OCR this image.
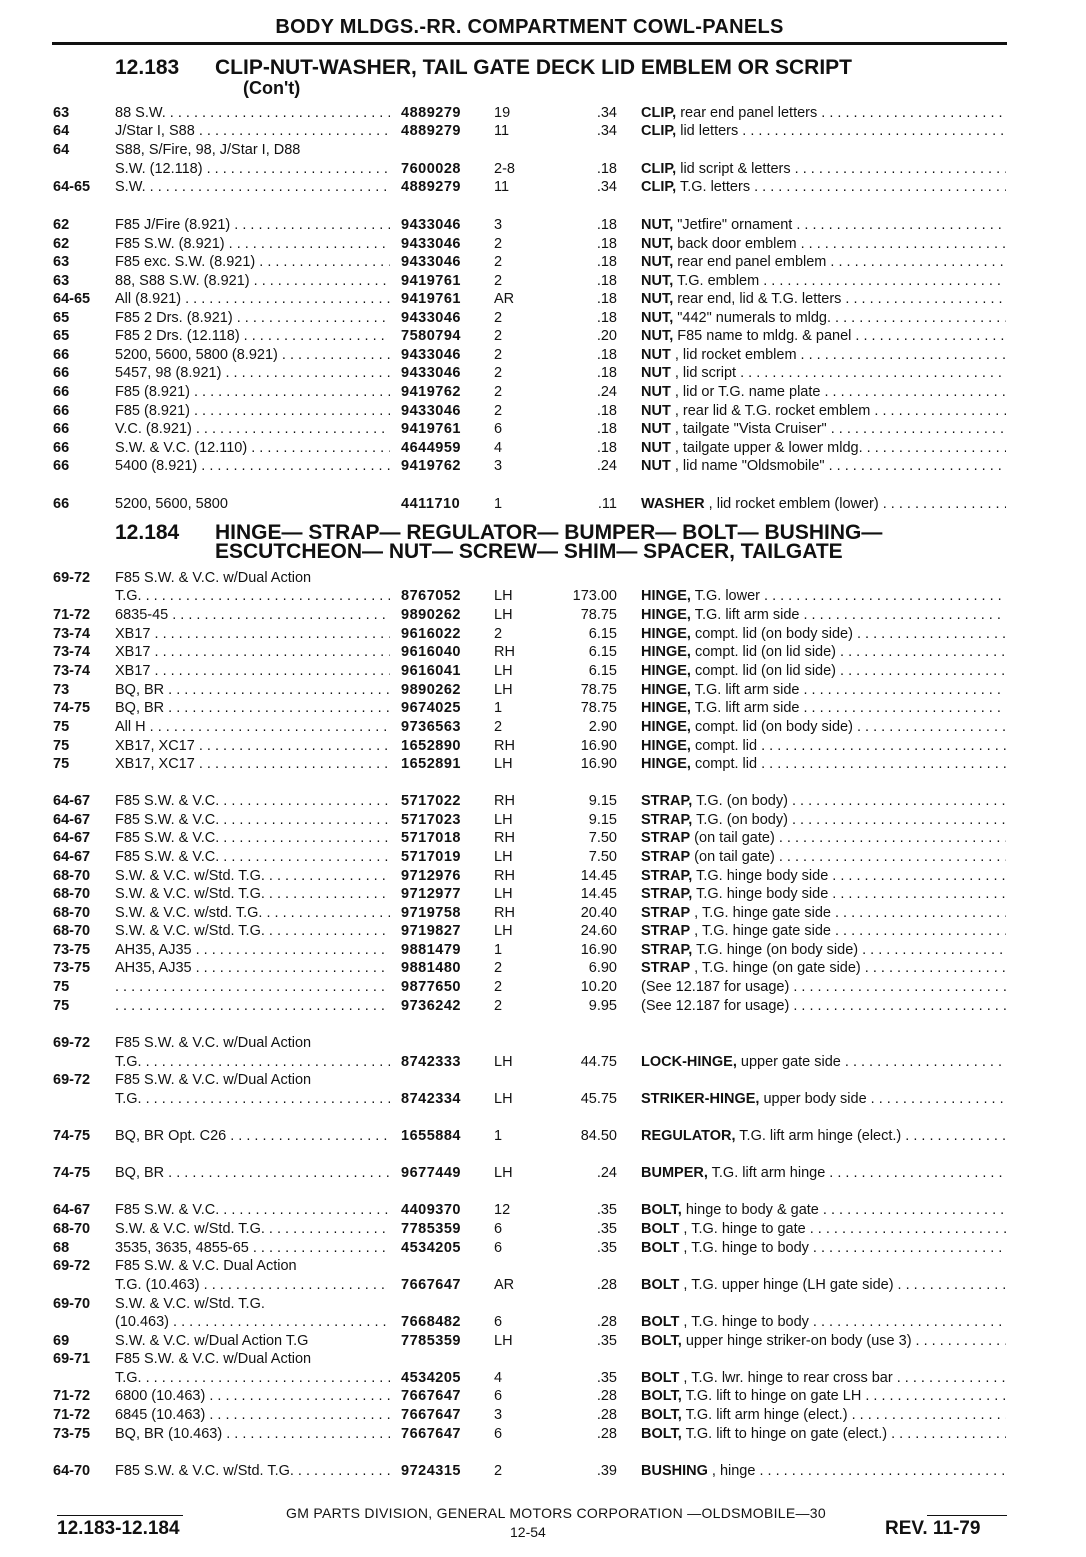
BODY MLDGS.-RR. COMPARTMENT COWL-PANELS
12.183 CLIP-NUT-WASHER, TAIL GATE DECK LID EMBLEM OR SCRIPT
(Con't)
12.184 HINGE— STRAP— REGULATOR— BUMPER— BOLT— BUSHING—
ESCUTCHEON— NUT— SCREW— SHIM— SPACER, TAILGATE
63	88 S.W. . . .	4889279 19	.34 CLIP, rear end panel letters . . .
64	J/Star I, S88 . . .	4889279 11	.34 CLIP, lid letters . . .
64	S88, S/Fire, 98, J/Star I, D88
S.W. (12.118) . . .	7600028 2-8	.18 CLIP, lid script & letters . . .
64-65 S.W. . . .	4889279 11	.34 CLIP, T.G. letters . . .
62	F85 J/Fire (8.921) . . .	9433046 3	.18 NUT, "Jetfire" ornament . . .
62	F85 S.W. (8.921) . . .	9433046 2	.18 NUT, back door emblem . . .
63	F85 exc. S.W. (8.921) . . .	9433046 2	.18 NUT, rear end panel emblem . . .
63	88, S88 S.W. (8.921) . . .	9419761 2	.18 NUT, T.G. emblem . . .
64-65 All (8.921) . . .	9419761 AR	.18 NUT, rear end, lid & T.G. letters . . .
65	F85 2 Drs. (8.921) . . .	9433046 2	.18 NUT, "442" numerals to mldg. . . .
65	F85 2 Drs. (12.118) . . .	7580794 2	.20 NUT, F85 name to mldg. & panel . . .
66	5200, 5600, 5800 (8.921) . . .	9433046 2	.18 NUT , lid rocket emblem . . .
66	5457, 98 (8.921) . . .	9433046 2	.18 NUT , lid script . . .
66	F85 (8.921) . . .	9419762 2	.24 NUT , lid or T.G. name plate . . .
66	F85 (8.921) . . .	9433046 2	.18 NUT , rear lid & T.G. rocket emblem . . .
66	V.C. (8.921) . . .	9419761 6	.18 NUT , tailgate "Vista Cruiser" . . .
66	S.W. & V.C. (12.110) . . .	4644959 4	.18 NUT , tailgate upper & lower mldg. . . .
66	5400 (8.921) . . .	9419762 3	.24 NUT , lid name "Oldsmobile" . . .
66	5200, 5600, 5800	4411710 1	.11 WASHER , lid rocket emblem (lower) . . .
69-72 F85 S.W. & V.C. w/Dual Action
T.G. . . .	8767052 LH	173.00 HINGE, T.G. lower . . .
71-72 6835-45 . . .	9890262 LH	78.75 HINGE, T.G. lift arm side . . .
73-74 XB17 . . .	9616022 2	6.15 HINGE, compt. lid (on body side) . . .
73-74 XB17 . . .	9616040 RH	6.15 HINGE, compt. lid (on lid side) . . .
73-74 XB17 . . .	9616041 LH	6.15 HINGE, compt. lid (on lid side) . . .
73	BQ, BR . . .	9890262 LH	78.75 HINGE, T.G. lift arm side . . .
74-75 BQ, BR . . .	9674025 1	78.75 HINGE, T.G. lift arm side . . .
75	All H . . .	9736563 2	2.90 HINGE, compt. lid (on body side) . . .
75	XB17, XC17 . . .	1652890 RH	16.90 HINGE, compt. lid . . .
75	XB17, XC17 . . .	1652891 LH	16.90 HINGE, compt. lid . . .
64-67 F85 S.W. & V.C. . . .	5717022 RH	9.15 STRAP, T.G. (on body) . . .
64-67 F85 S.W. & V.C. . . .	5717023 LH	9.15 STRAP, T.G. (on body) . . .
64-67 F85 S.W. & V.C. . . .	5717018 RH	7.50 STRAP (on tail gate) . . .
64-67 F85 S.W. & V.C. . . .	5717019 LH	7.50 STRAP (on tail gate) . . .
68-70 S.W. & V.C. w/Std. T.G. . . .	9712976 RH	14.45 STRAP, T.G. hinge body side . . .
68-70 S.W. & V.C. w/Std. T.G. . . .	9712977 LH	14.45 STRAP, T.G. hinge body side . . .
68-70 S.W. & V.C. w/std. T.G. . . .	9719758 RH	20.40 STRAP , T.G. hinge gate side . . .
68-70 S.W. & V.C. w/Std. T.G. . . .	9719827 LH	24.60 STRAP , T.G. hinge gate side . . .
73-75 AH35, AJ35 . . .	9881479 1	16.90 STRAP, T.G. hinge (on body side) . . .
73-75 AH35, AJ35 . . .	9881480 2	6.90 STRAP , T.G. hinge (on gate side) . . .
75 . . .	9877650 2	10.20 (See 12.187 for usage) . . .
75 . . .	9736242 2	9.95 (See 12.187 for usage) . . .
69-72 F85 S.W. & V.C. w/Dual Action
T.G. . . .	8742333 LH	44.75 LOCK-HINGE, upper gate side . . .
69-72 F85 S.W. & V.C. w/Dual Action
T.G. . . .	8742334 LH	45.75 STRIKER-HINGE, upper body side . . .
74-75 BQ, BR Opt. C26 . . .	1655884 1	84.50 REGULATOR, T.G. lift arm hinge (elect.) . . .
74-75 BQ, BR . . .	9677449 LH	.24 BUMPER, T.G. lift arm hinge . . .
64-67 F85 S.W. & V.C. . . .	4409370 12	.35 BOLT, hinge to body & gate . . .
68-70 S.W. & V.C. w/Std. T.G. . . .	7785359 6	.35 BOLT , T.G. hinge to gate . . .
68	3535, 3635, 4855-65 . . .	4534205 6	.35 BOLT , T.G. hinge to body . . .
69-72 F85 S.W. & V.C. Dual Action
T.G. (10.463) . . .	7667647 AR	.28 BOLT , T.G. upper hinge (LH gate side) . . .
69-70 S.W. & V.C. w/Std. T.G.
(10.463) . . .	7668482 6	.28 BOLT , T.G. hinge to body . . .
69	S.W. & V.C. w/Dual Action T.G	7785359 LH	.35 BOLT, upper hinge striker-on body (use 3) . . .
69-71 F85 S.W. & V.C. w/Dual Action
T.G. . . .	4534205 4	.35 BOLT , T.G. lwr. hinge to rear cross bar . . .
71-72 6800 (10.463) . . .	7667647 6	.28 BOLT, T.G. lift to hinge on gate LH . . .
71-72 6845 (10.463) . . .	7667647 3	.28 BOLT, T.G. lift arm hinge (elect.) . . .
73-75 BQ, BR (10.463) . . .	7667647 6	.28 BOLT, T.G. lift to hinge on gate (elect.) . . .
64-70 F85 S.W. & V.C. w/Std. T.G. . . .	9724315 2	.39 BUSHING , hinge . . .
GM PARTS DIVISION, GENERAL MOTORS CORPORATION —OLDSMOBILE—30
12.183-12.184	12-54	REV. 11-79
